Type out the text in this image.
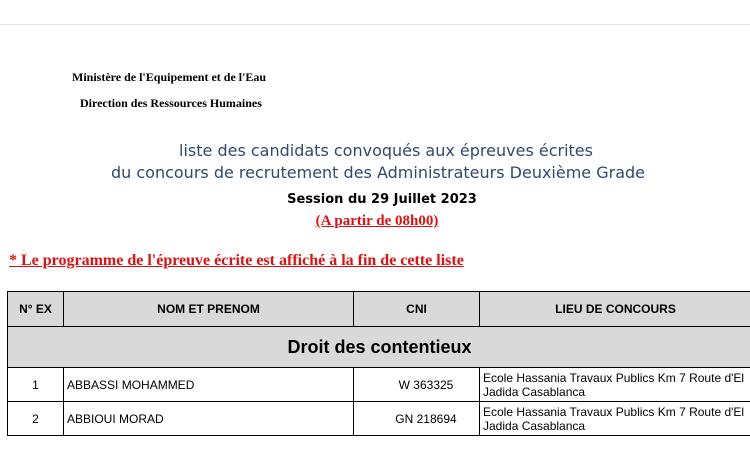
Ministère de l'Equipement et de l'Eau
Direction des Ressources Humaines
liste des candidats convoqués aux épreuves écrites
du concours de recrutement des Administrateurs Deuxième Grade
Session du 29 Juillet 2023
(A partir de 08h00)
* Le programme de l'épreuve écrite est affiché à la fin de cette liste
N° EX	NOM ET PRENOM	CNI	LIEU DE CONCOURS
Droit des contentieux			
1	ABBASSI MOHAMMED	W 363325	Ecole Hassania Travaux Publics Km 7 Route d'El Jadida Casablanca
2	ABBIOUI MORAD	GN 218694	Ecole Hassania Travaux Publics Km 7 Route d'El Jadida Casablanca
